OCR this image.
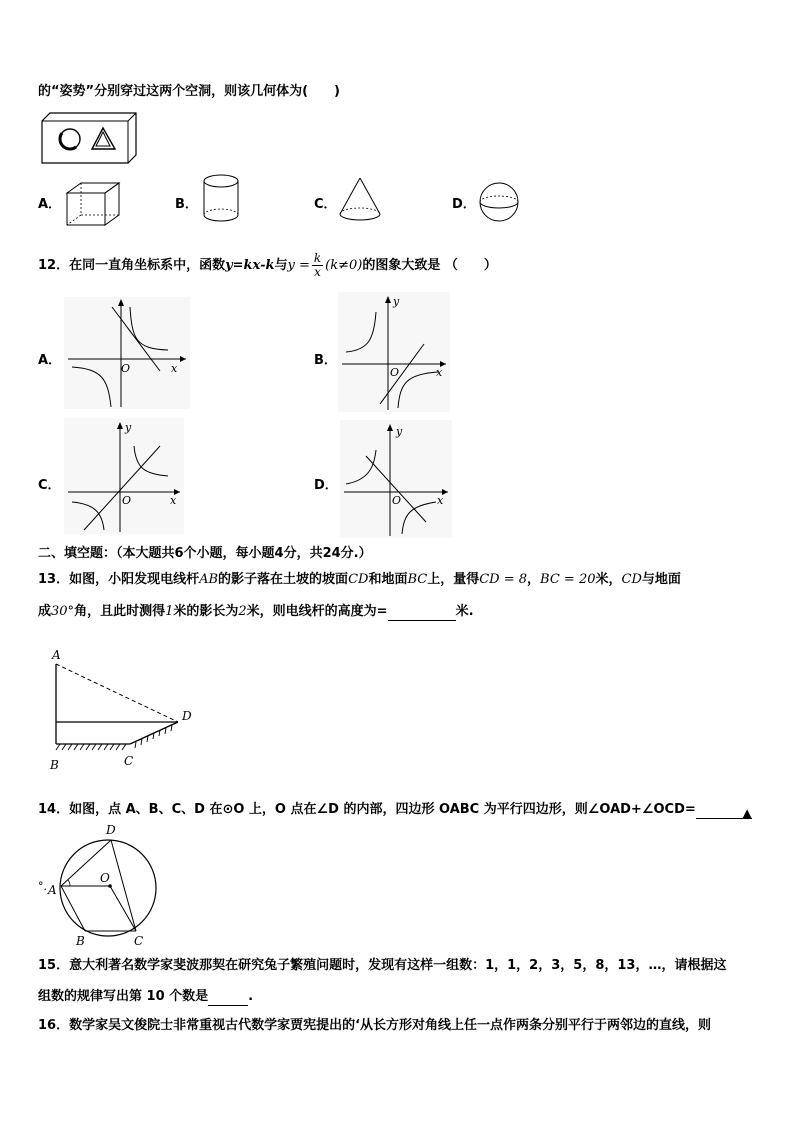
的“姿势”分别穿过这两个空洞，则该几何体为(　　)
A．	B．	C．	D．
12．在同一直角坐标系中，函数y=kx-k与$y = \frac{k}{x} (k\ne 0)$的图象大致是 （　　）
A．
O	x
B．
O	x
y
C．
O	x
y
D．
O	x
y
二、填空题：（本大题共6个小题，每小题4分，共24分.）
13．如图，小阳发现电线杆AB的影子落在土坡的坡面CD和地面BC上，量得CD = 8，BC = 20米，CD与地面
成30°角，且此时测得1米的影长为2米，则电线杆的高度为=	米.
A
B	C
D
14．如图，点 A、B、C、D 在⊙O 上，O 点在∠D 的内部，四边形 OABC 为平行四边形，则∠OAD+∠OCD=	▲
°. A
D
O
B	C
15．意大利著名数学家斐波那契在研究兔子繁殖问题时，发现有这样一组数：1，1，2，3，5，8，13，…，请根据这
组数的规律写出第 10 个数是	.
16．数学家吴文俊院士非常重视古代数学家贾宪提出的‘从长方形对角线上任一点作两条分别平行于两邻边的直线，则
